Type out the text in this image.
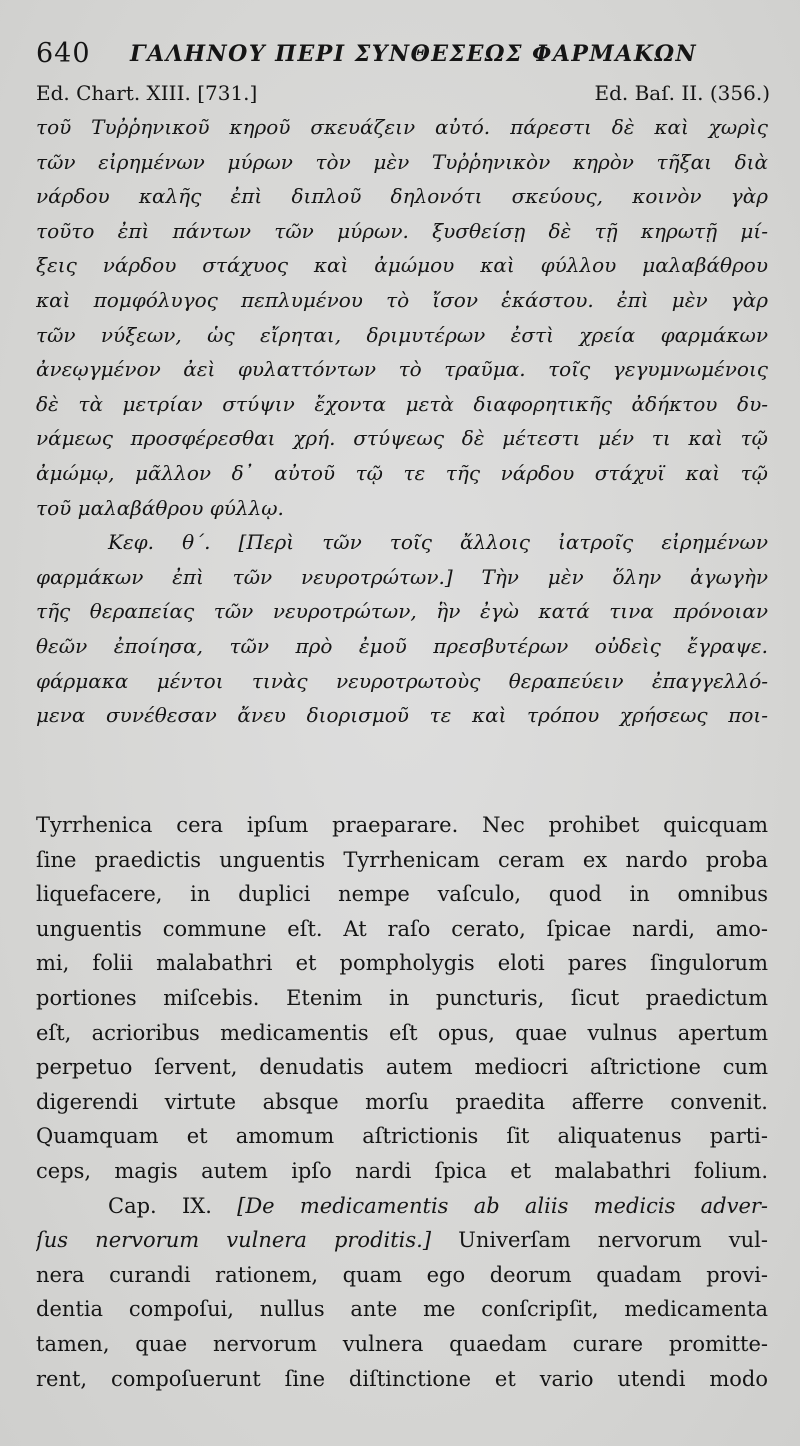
640 ΓΑΛΗΝΟΥ ΠΕΡΙ ΣΥΝΘΕΣΕΩΣ ΦΑΡΜΑΚΩΝ
Ed. Chart. XIII. [731.]	Ed. Baſ. II. (356.)
τοῦ Τυῤῥηνικοῦ κηροῦ σκευάζειν αὐτό. πάρεστι δὲ καὶ χωρὶς
τῶν εἰρημένων μύρων τὸν μὲν Τυῤῥηνικὸν κηρὸν τῆξαι διὰ
νάρδου καλῆς ἐπὶ διπλοῦ δηλονότι σκεύους, κοινὸν γὰρ
τοῦτο ἐπὶ πάντων τῶν μύρων. ξυσθείσῃ δὲ τῇ κηρωτῇ μί-
ξεις νάρδου στάχυος καὶ ἀμώμου καὶ φύλλου μαλαβάθρου
καὶ πομφόλυγος πεπλυμένου τὸ ἴσον ἑκάστου. ἐπὶ μὲν γὰρ
τῶν νύξεων, ὡς εἴρηται, δριμυτέρων ἐστὶ χρεία φαρμάκων
ἀνεῳγμένον ἀεὶ φυλαττόντων τὸ τραῦμα. τοῖς γεγυμνωμένοις
δὲ τὰ μετρίαν στύψιν ἔχοντα μετὰ διαφορητικῆς ἀδήκτου δυ-
νάμεως προσφέρεσθαι χρή. στύψεως δὲ μέτεστι μέν τι καὶ τῷ
ἀμώμῳ, μᾶλλον δ᾽ αὐτοῦ τῷ τε τῆς νάρδου στάχυϊ καὶ τῷ
τοῦ μαλαβάθρου φύλλῳ.
Κεφ. θ΄. [Περὶ τῶν τοῖς ἄλλοις ἰατροῖς εἰρημένων
φαρμάκων ἐπὶ τῶν νευροτρώτων.] Τὴν μὲν ὅλην ἀγωγὴν
τῆς θεραπείας τῶν νευροτρώτων, ἣν ἐγὼ κατά τινα πρόνοιαν
θεῶν ἐποίησα, τῶν πρὸ ἐμοῦ πρεσβυτέρων οὐδεὶς ἔγραψε.
φάρμακα μέντοι τινὰς νευροτρωτοὺς θεραπεύειν ἐπαγγελλό-
μενα συνέθεσαν ἄνευ διορισμοῦ τε καὶ τρόπου χρήσεως ποι-
Tyrrhenica cera ipſum praeparare. Nec prohibet quicquam
ſine praedictis unguentis Tyrrhenicam ceram ex nardo proba
liquefacere, in duplici nempe vaſculo, quod in omnibus
unguentis commune eſt. At raſo cerato, ſpicae nardi, amo-
mi, folii malabathri et pompholygis eloti pares ſingulorum
portiones miſcebis. Etenim in puncturis, ſicut praedictum
eſt, acrioribus medicamentis eſt opus, quae vulnus apertum
perpetuo ſervent, denudatis autem mediocri aſtrictione cum
digerendi virtute absque morſu praedita afferre convenit.
Quamquam et amomum aſtrictionis ſit aliquatenus parti-
ceps, magis autem ipſo nardi ſpica et malabathri folium.
Cap. IX. [De medicamentis ab aliis medicis adver-
ſus nervorum vulnera proditis.] Univerſam nervorum vul-
nera curandi rationem, quam ego deorum quadam provi-
dentia compoſui, nullus ante me conſcripſit, medicamenta
tamen, quae nervorum vulnera quaedam curare promitte-
rent, compoſuerunt ſine diſtinctione et vario utendi modo
